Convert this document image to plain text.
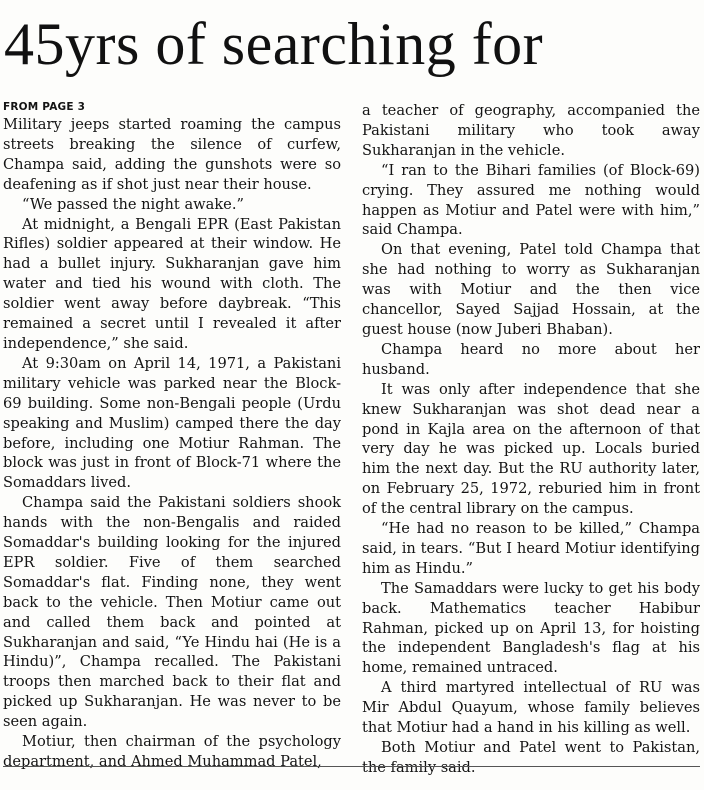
45yrs of searching for
FROM PAGE 3

Military jeeps started roaming the campus streets breaking the silence of curfew, Champa said, adding the gunshots were so deafening as if shot just near their house.

“We passed the night awake.”

At midnight, a Bengali EPR (East Pakistan Rifles) soldier appeared at their window. He had a bullet injury. Sukharanjan gave him water and tied his wound with cloth. The soldier went away before daybreak. “This remained a secret until I revealed it after independence,” she said.

At 9:30am on April 14, 1971, a Pakistani military vehicle was parked near the Block-69 building. Some non-Bengali people (Urdu speaking and Muslim) camped there the day before, including one Motiur Rahman. The block was just in front of Block-71 where the Somaddars lived.

Champa said the Pakistani soldiers shook hands with the non-Bengalis and raided Somaddar's building looking for the injured EPR soldier. Five of them searched Somaddar's flat. Finding none, they went back to the vehicle. Then Motiur came out and called them back and pointed at Sukharanjan and said, “Ye Hindu hai (He is a Hindu)”, Champa recalled. The Pakistani troops then marched back to their flat and picked up Sukharanjan. He was never to be seen again.

Motiur, then chairman of the psychology department, and Ahmed Muhammad Patel,

a teacher of geography, accompanied the Pakistani military who took away Sukharanjan in the vehicle.

“I ran to the Bihari families (of Block-69) crying. They assured me nothing would happen as Motiur and Patel were with him,” said Champa.

On that evening, Patel told Champa that she had nothing to worry as Sukharanjan was with Motiur and the then vice chancellor, Sayed Sajjad Hossain, at the guest house (now Juberi Bhaban).

Champa heard no more about her husband.

It was only after independence that she knew Sukharanjan was shot dead near a pond in Kajla area on the afternoon of that very day he was picked up. Locals buried him the next day. But the RU authority later, on February 25, 1972, reburied him in front of the central library on the campus.

“He had no reason to be killed,” Champa said, in tears. “But I heard Motiur identifying him as Hindu.”

The Samaddars were lucky to get his body back. Mathematics teacher Habibur Rahman, picked up on April 13, for hoisting the independent Bangladesh's flag at his home, remained untraced.

A third martyred intellectual of RU was Mir Abdul Quayum, whose family believes that Motiur had a hand in his killing as well.

Both Motiur and Patel went to Pakistan, the family said.
